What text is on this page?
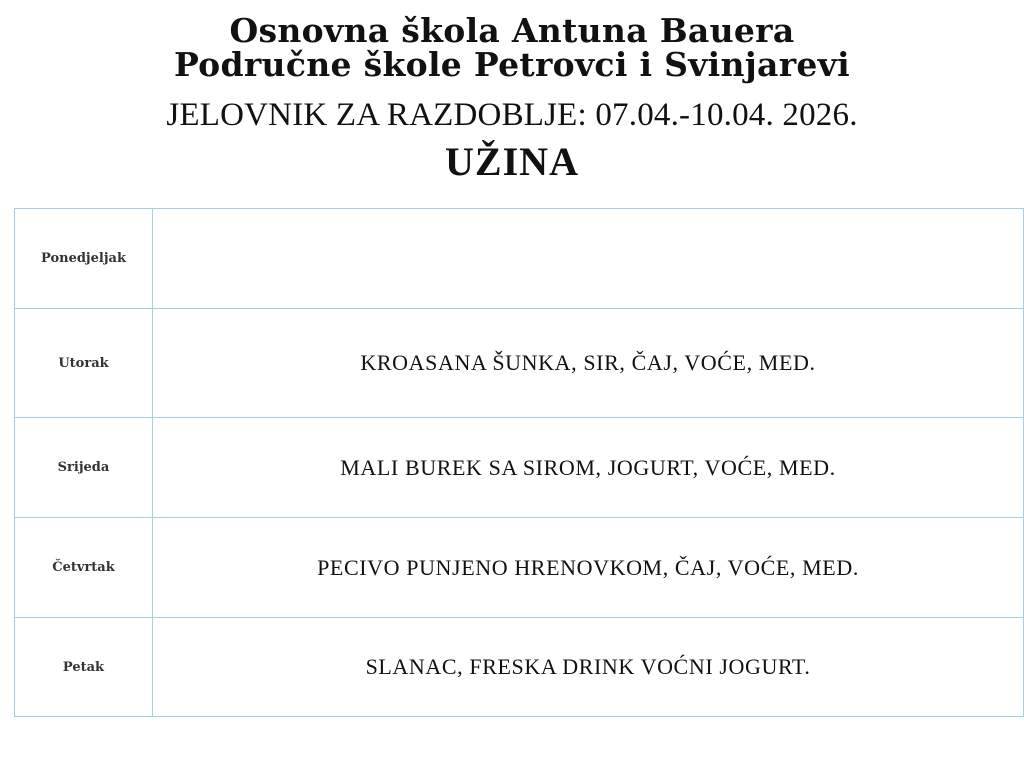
Osnovna škola Antuna Bauera
Područne škole Petrovci i Svinjarevi
JELOVNIK ZA RAZDOBLJE: 07.04.-10.04. 2026.
UŽINA
Ponedjeljak	
Utorak	KROASANA ŠUNKA, SIR, ČAJ, VOĆE, MED.
Srijeda	MALI BUREK SA SIROM, JOGURT, VOĆE, MED.
Četvrtak	PECIVO PUNJENO HRENOVKOM, ČAJ, VOĆE, MED.
Petak	SLANAC, FRESKA DRINK VOĆNI JOGURT.
